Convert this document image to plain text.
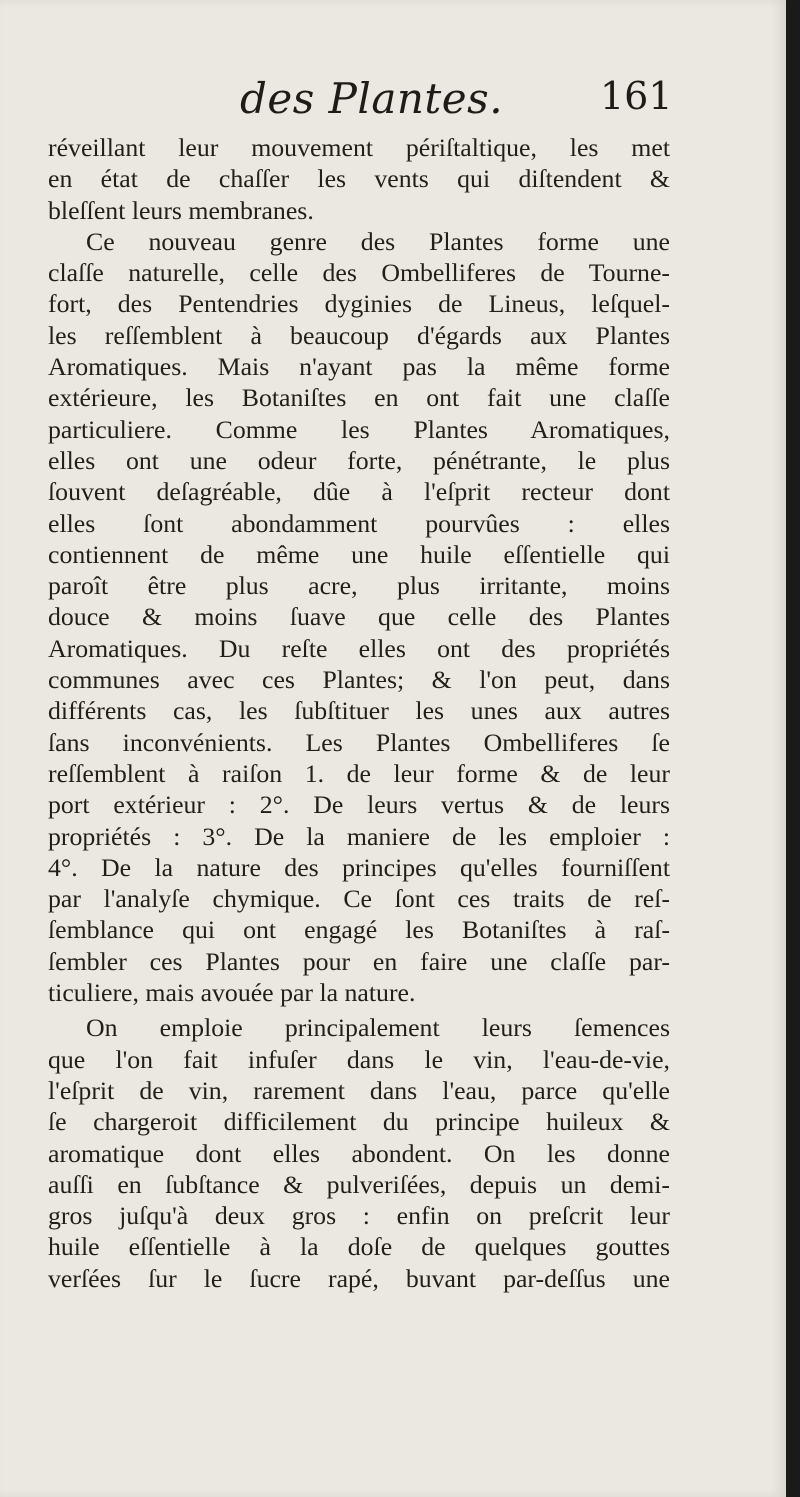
des Plantes.	161
réveillant leur mouvement périſtaltique, les met
en état de chaſſer les vents qui diſtendent &
bleſſent leurs membranes.
Ce nouveau genre des Plantes forme une
claſſe naturelle, celle des Ombelliferes de Tourne-
fort, des Pentendries dyginies de Lineus, leſquel-
les reſſemblent à beaucoup d'égards aux Plantes
Aromatiques. Mais n'ayant pas la même forme
extérieure, les Botaniſtes en ont fait une claſſe
particuliere. Comme les Plantes Aromatiques,
elles ont une odeur forte, pénétrante, le plus
ſouvent deſagréable, dûe à l'eſprit recteur dont
elles ſont abondamment pourvûes : elles
contiennent de même une huile eſſentielle qui
paroît être plus acre, plus irritante, moins
douce & moins ſuave que celle des Plantes
Aromatiques. Du reſte elles ont des propriétés
communes avec ces Plantes; & l'on peut, dans
différents cas, les ſubſtituer les unes aux autres
ſans inconvénients. Les Plantes Ombelliferes ſe
reſſemblent à raiſon 1. de leur forme & de leur
port extérieur : 2°. De leurs vertus & de leurs
propriétés : 3°. De la maniere de les emploier :
4°. De la nature des principes qu'elles fourniſſent
par l'analyſe chymique. Ce ſont ces traits de reſ-
ſemblance qui ont engagé les Botaniſtes à raſ-
ſembler ces Plantes pour en faire une claſſe par-
ticuliere, mais avouée par la nature.
On emploie principalement leurs ſemences
que l'on fait infuſer dans le vin, l'eau-de-vie,
l'eſprit de vin, rarement dans l'eau, parce qu'elle
ſe chargeroit difficilement du principe huileux &
aromatique dont elles abondent. On les donne
auſſi en ſubſtance & pulveriſées, depuis un demi-
gros juſqu'à deux gros : enfin on preſcrit leur
huile eſſentielle à la doſe de quelques gouttes
verſées ſur le ſucre rapé, buvant par-deſſus une
